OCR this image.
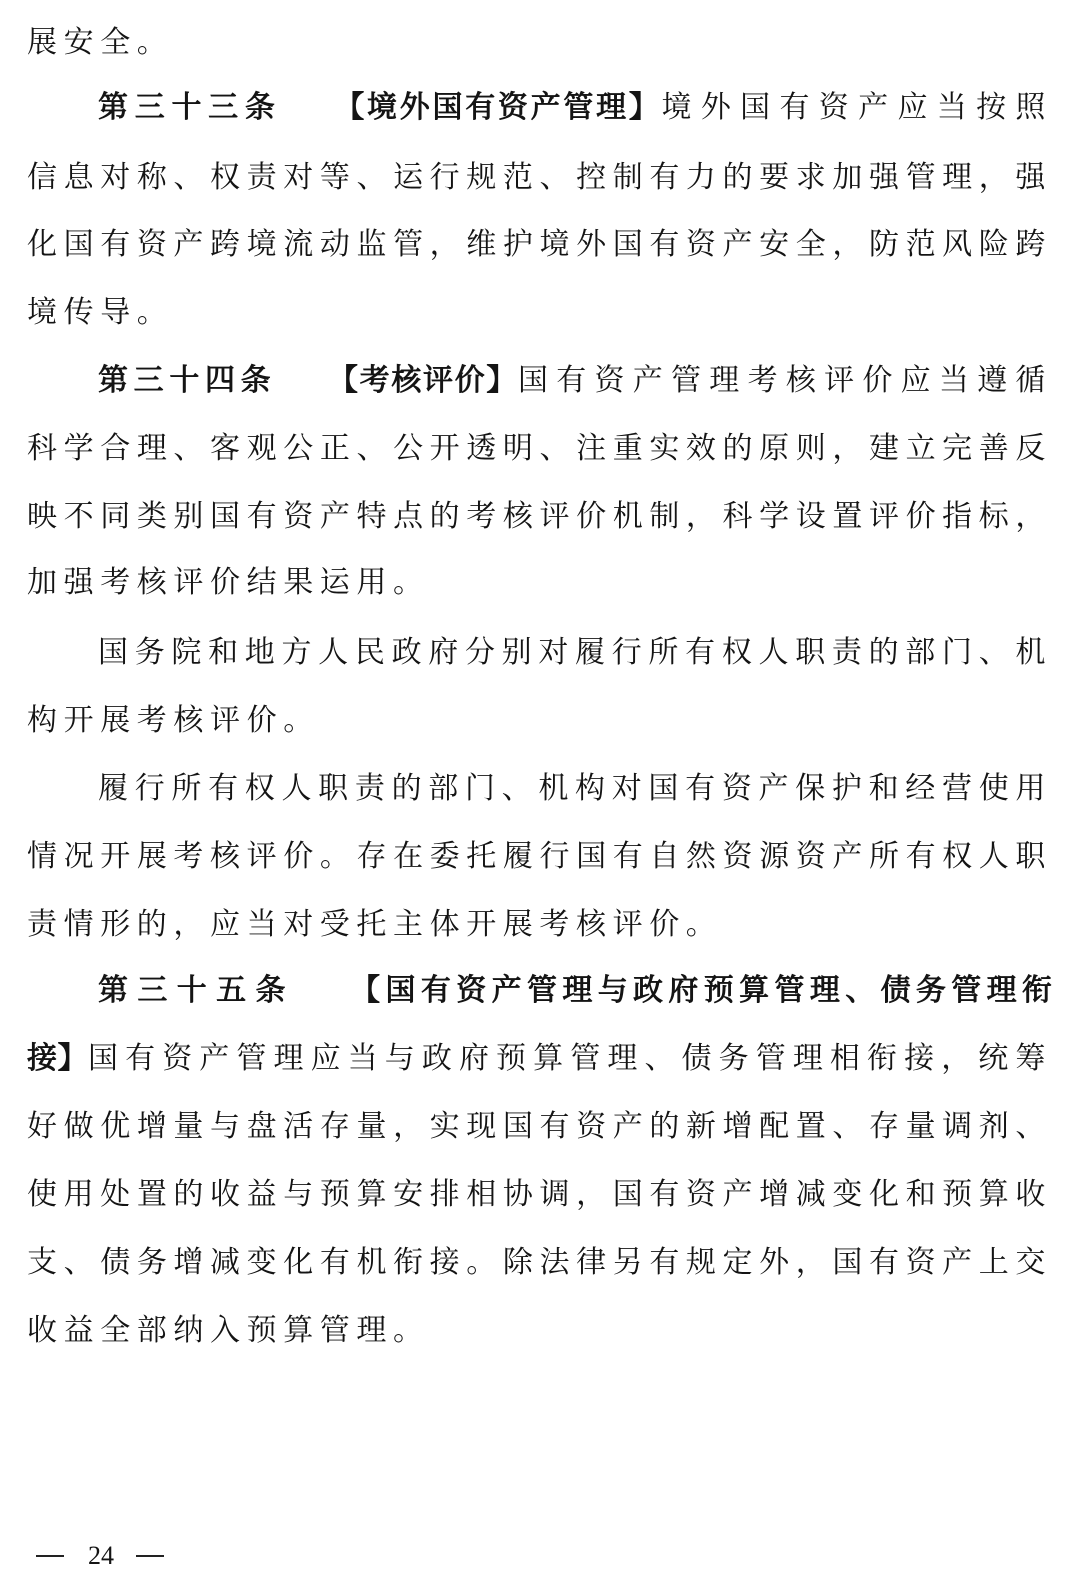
展安全。
第三十三条 【境外国有资产管理】境外国有资产应当按照
信息对称、权责对等、运行规范、控制有力的要求加强管理，强
化国有资产跨境流动监管，维护境外国有资产安全，防范风险跨
境传导。
第三十四条 【考核评价】国有资产管理考核评价应当遵循
科学合理、客观公正、公开透明、注重实效的原则，建立完善反
映不同类别国有资产特点的考核评价机制，科学设置评价指标，
加强考核评价结果运用。
国务院和地方人民政府分别对履行所有权人职责的部门、机
构开展考核评价。
履行所有权人职责的部门、机构对国有资产保护和经营使用
情况开展考核评价。存在委托履行国有自然资源资产所有权人职
责情形的，应当对受托主体开展考核评价。
第三十五条 【国有资产管理与政府预算管理、债务管理衔
接】国有资产管理应当与政府预算管理、债务管理相衔接，统筹
好做优增量与盘活存量，实现国有资产的新增配置、存量调剂、
使用处置的收益与预算安排相协调，国有资产增减变化和预算收
支、债务增减变化有机衔接。除法律另有规定外，国有资产上交
收益全部纳入预算管理。
24
